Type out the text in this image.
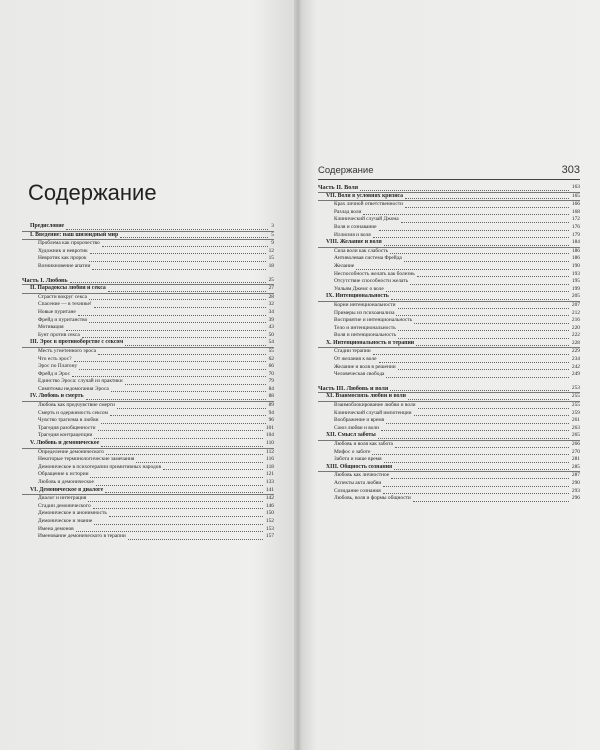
Содержание
Предисловие	3
I. Введение: наш шизоидный мир	5
Проблема как пророчество	9
Художник и невротик	12
Невротик как пророк	15
Возникновение апатии	18
Часть I. Любовь	25
II. Парадоксы любви и секса	27
Страсти вокруг секса	28
Спасение — в технике!	32
Новые пуритане	34
Фрейд и пуританство	39
Мотивация	43
Бунт против секса	50
III. Эрос в противоборстве с сексом	54
Месть угнетенного эроса	55
Что есть эрос?	62
Эрос по Платону	66
Фрейд и Эрос	70
Единство Эроса: случай из практики	79
Симптомы недомогания Эроса	84
IV. Любовь и смерть	88
Любовь как предчувствие смерти	89
Смерть и одержимость сексом	94
Чувство трагизма в любви	96
Трагедия разобщенности	101
Трагедия контрацепции	104
V. Любовь и демоническое	110
Определение демонического	112
Некоторые терминологические замечания	116
Демоническое в психотерапии примитивных народов	118
Обращение к истории	121
Любовь и демоническое	133
VI. Демоническое в диалоге	141
Диалог и интеграция	142
Стадии демонического	146
Демоническое и анонимность	150
Демоническое и знание	152
Имена демонов	153
Именование демонического в терапии	157
Содержание	303
Часть II. Воля	163
VII. Воля в условиях кризиса	165
Крах личной ответственности	166
Разлад воли	168
Клинический случай Джона	172
Воля и сознавание	176
Иллюзия и воля	179
VIII. Желание и воля	184
Сила воли как слабость	186
Антиволевая система Фрейда	186
Желание	190
Неспособность желать как болезнь	193
Отсутствие способности желать	195
Уильям Джемс о воле	199
IX. Интенциональность	205
Корни интенциональности	207
Примеры из психоанализа	212
Восприятие и интенциональность	216
Тело и интенциональность	220
Воля и интенциональность	222
X. Интенциональность в терапии	228
Стадии терапии	229
От желания к воле	234
Желание и воля в решении	242
Человеческая свобода	249
Часть III. Любовь и воля	253
XI. Взаимосвязь любви и воли	255
Взаимоблокирование любви и воли	255
Клинический случай импотенции	259
Воображение и время	261
Союз любви и воли	263
XII. Смысл заботы	265
Любовь и воля как забота	266
Мифос о заботе	270
Забота и наше время	281
XIII. Общность сознания	285
Любовь как личностное	287
Аспекты акта любви	290
Созидание сознания	293
Любовь, воля и формы общности	296
